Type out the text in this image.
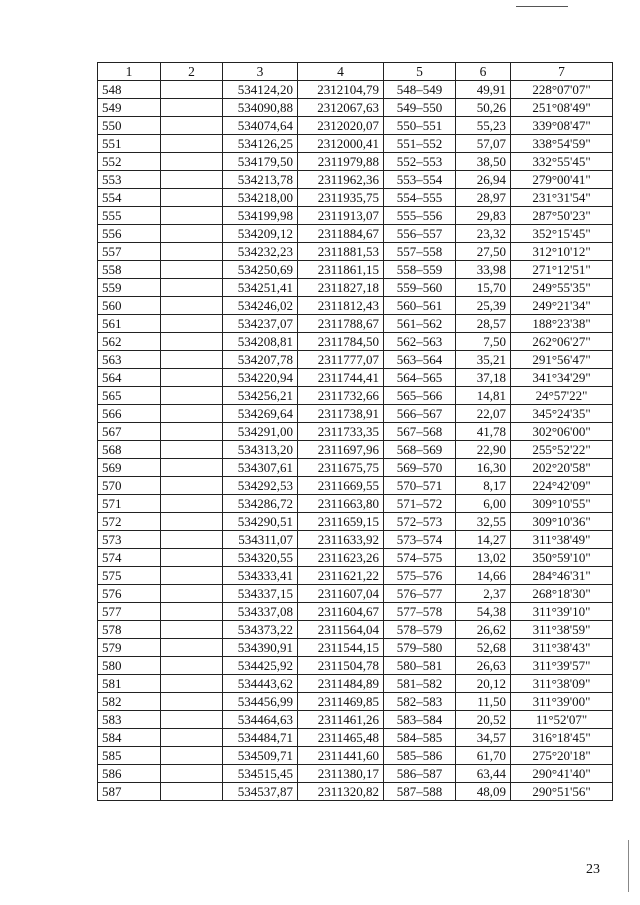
1	2	3	4	5	6	7
548		534124,20	2312104,79	548–549	49,91	228°07'07"
549		534090,88	2312067,63	549–550	50,26	251°08'49"
550		534074,64	2312020,07	550–551	55,23	339°08'47"
551		534126,25	2312000,41	551–552	57,07	338°54'59"
552		534179,50	2311979,88	552–553	38,50	332°55'45"
553		534213,78	2311962,36	553–554	26,94	279°00'41"
554		534218,00	2311935,75	554–555	28,97	231°31'54"
555		534199,98	2311913,07	555–556	29,83	287°50'23"
556		534209,12	2311884,67	556–557	23,32	352°15'45"
557		534232,23	2311881,53	557–558	27,50	312°10'12"
558		534250,69	2311861,15	558–559	33,98	271°12'51"
559		534251,41	2311827,18	559–560	15,70	249°55'35"
560		534246,02	2311812,43	560–561	25,39	249°21'34"
561		534237,07	2311788,67	561–562	28,57	188°23'38"
562		534208,81	2311784,50	562–563	7,50	262°06'27"
563		534207,78	2311777,07	563–564	35,21	291°56'47"
564		534220,94	2311744,41	564–565	37,18	341°34'29"
565		534256,21	2311732,66	565–566	14,81	24°57'22"
566		534269,64	2311738,91	566–567	22,07	345°24'35"
567		534291,00	2311733,35	567–568	41,78	302°06'00"
568		534313,20	2311697,96	568–569	22,90	255°52'22"
569		534307,61	2311675,75	569–570	16,30	202°20'58"
570		534292,53	2311669,55	570–571	8,17	224°42'09"
571		534286,72	2311663,80	571–572	6,00	309°10'55"
572		534290,51	2311659,15	572–573	32,55	309°10'36"
573		534311,07	2311633,92	573–574	14,27	311°38'49"
574		534320,55	2311623,26	574–575	13,02	350°59'10"
575		534333,41	2311621,22	575–576	14,66	284°46'31"
576		534337,15	2311607,04	576–577	2,37	268°18'30"
577		534337,08	2311604,67	577–578	54,38	311°39'10"
578		534373,22	2311564,04	578–579	26,62	311°38'59"
579		534390,91	2311544,15	579–580	52,68	311°38'43"
580		534425,92	2311504,78	580–581	26,63	311°39'57"
581		534443,62	2311484,89	581–582	20,12	311°38'09"
582		534456,99	2311469,85	582–583	11,50	311°39'00"
583		534464,63	2311461,26	583–584	20,52	11°52'07"
584		534484,71	2311465,48	584–585	34,57	316°18'45"
585		534509,71	2311441,60	585–586	61,70	275°20'18"
586		534515,45	2311380,17	586–587	63,44	290°41'40"
587		534537,87	2311320,82	587–588	48,09	290°51'56"
23
